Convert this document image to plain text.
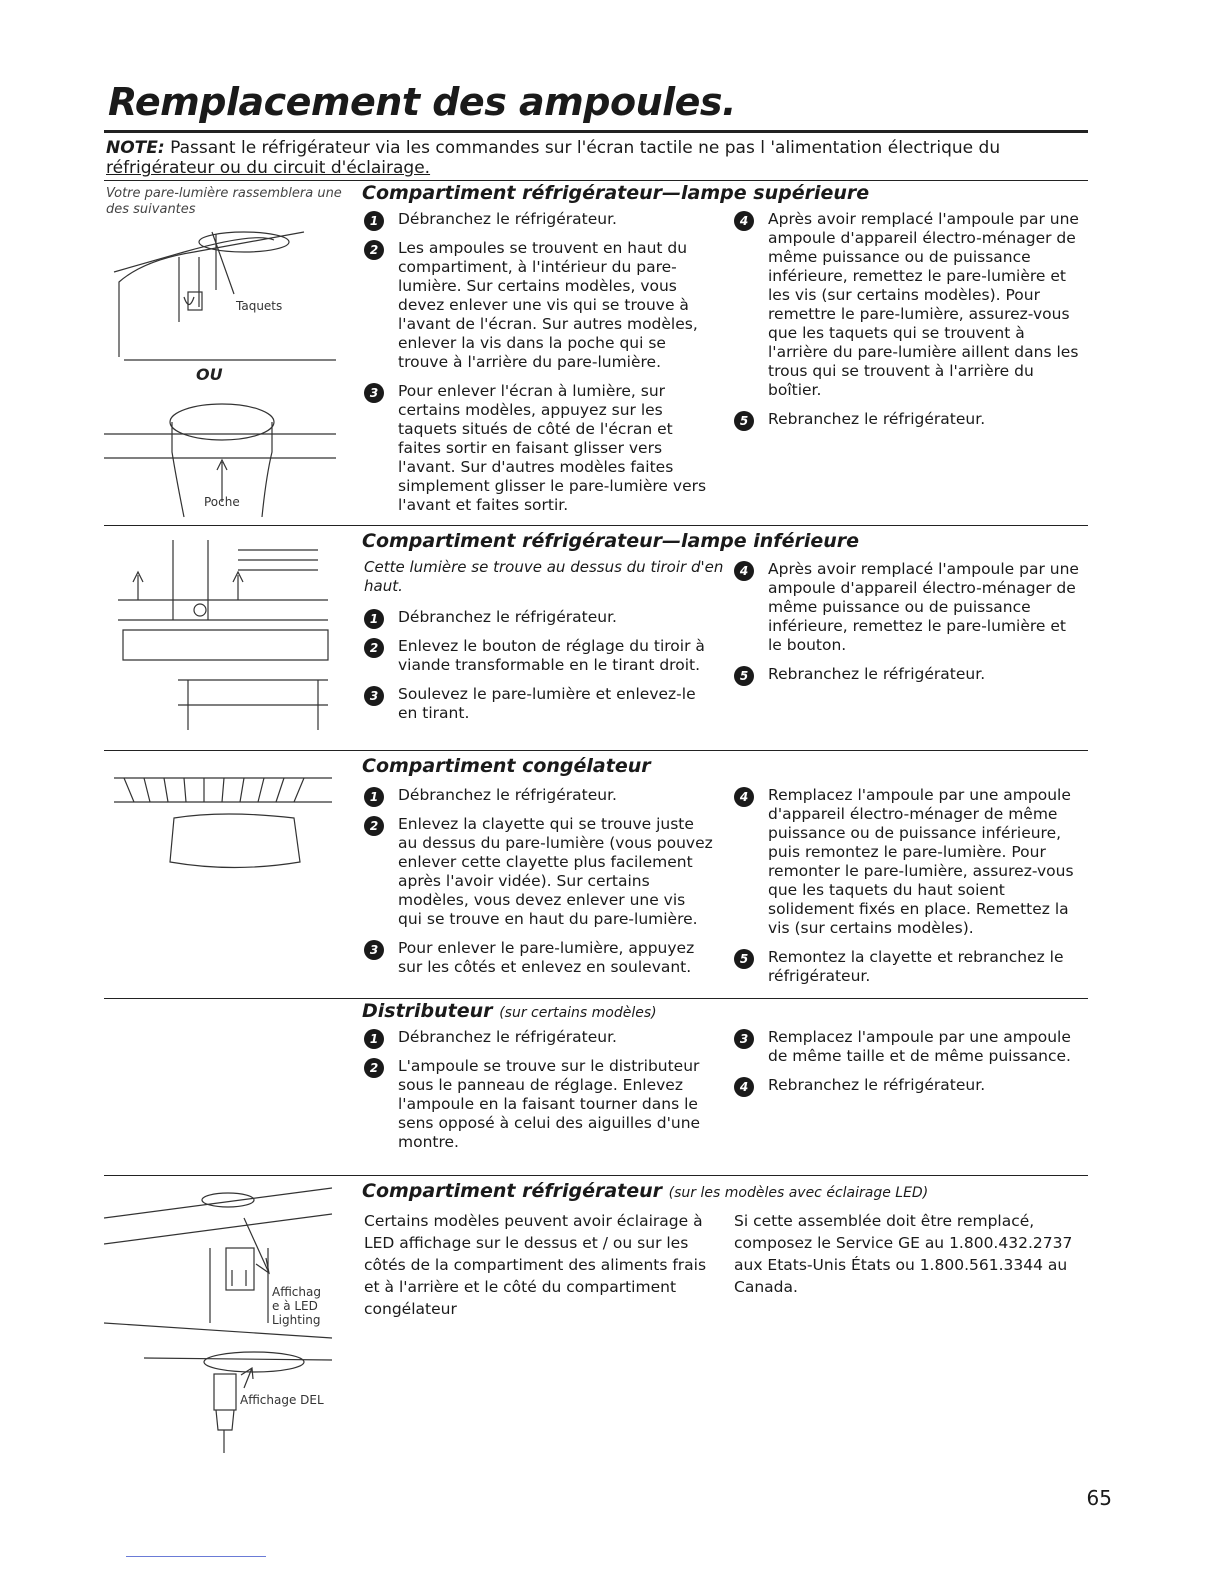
Remplacement des ampoules.
NOTE: Passant le réfrigérateur via les commandes sur l'écran tactile ne pas l 'alimentation électrique du réfrigérateur ou du circuit d'éclairage.
Votre pare-lumière rassemblera une des suivantes
Taquets
OU
Poche
Compartiment réfrigérateur—lampe supérieure
1	Débranchez le réfrigérateur.
2	Les ampoules se trouvent en haut du compartiment, à l'intérieur du pare-lumière. Sur certains modèles, vous devez enlever une vis qui se trouve à l'avant de l'écran. Sur autres modèles, enlever la vis dans la poche qui se trouve à l'arrière du pare-lumière.
3	Pour enlever l'écran à lumière, sur certains modèles, appuyez sur les taquets situés de côté de l'écran et faites sortir en faisant glisser vers l'avant. Sur d'autres modèles faites simplement glisser le pare-lumière vers l'avant et faites sortir.
4	Après avoir remplacé l'ampoule par une ampoule d'appareil électro-ménager de même puissance ou de puissance inférieure, remettez le pare-lumière et les vis (sur certains modèles). Pour remettre le pare-lumière, assurez-vous que les taquets qui se trouvent à l'arrière du pare-lumière aillent dans les trous qui se trouvent à l'arrière du boîtier.
5	Rebranchez le réfrigérateur.
Compartiment réfrigérateur—lampe inférieure
Cette lumière se trouve au dessus du tiroir d'en haut.
1	Débranchez le réfrigérateur.
2	Enlevez le bouton de réglage du tiroir à viande transformable en le tirant droit.
3	Soulevez le pare-lumière et enlevez-le en tirant.
4	Après avoir remplacé l'ampoule par une ampoule d'appareil électro-ménager de même puissance ou de puissance inférieure, remettez le pare-lumière et le bouton.
5	Rebranchez le réfrigérateur.
Compartiment congélateur
1	Débranchez le réfrigérateur.
2	Enlevez la clayette qui se trouve juste au dessus du pare-lumière (vous pouvez enlever cette clayette plus facilement après l'avoir vidée). Sur certains modèles, vous devez enlever une vis qui se trouve en haut du pare-lumière.
3	Pour enlever le pare-lumière, appuyez sur les côtés et enlevez en soulevant.
4	Remplacez l'ampoule par une ampoule d'appareil électro-ménager de même puissance ou de puissance inférieure, puis remontez le pare-lumière. Pour remonter le pare-lumière, assurez-vous que les taquets du haut soient solidement fixés en place. Remettez la vis (sur certains modèles).
5	Remontez la clayette et rebranchez le réfrigérateur.
Distributeur (sur certains modèles)
1	Débranchez le réfrigérateur.
2	L'ampoule se trouve sur le distributeur sous le panneau de réglage. Enlevez l'ampoule en la faisant tourner dans le sens opposé à celui des aiguilles d'une montre.
3	Remplacez l'ampoule par une ampoule de même taille et de même puissance.
4	Rebranchez le réfrigérateur.
Affichag
e à LED
Lighting
Affichage DEL
Compartiment réfrigérateur (sur les modèles avec éclairage LED)
Certains modèles peuvent avoir éclairage à LED affichage sur le dessus et / ou sur les côtés de la compartiment des aliments frais et à l'arrière et le côté du compartiment congélateur
Si cette assemblée doit être remplacé, composez le Service GE au 1.800.432.2737 aux Etats-Unis États ou 1.800.561.3344 au Canada.
65
